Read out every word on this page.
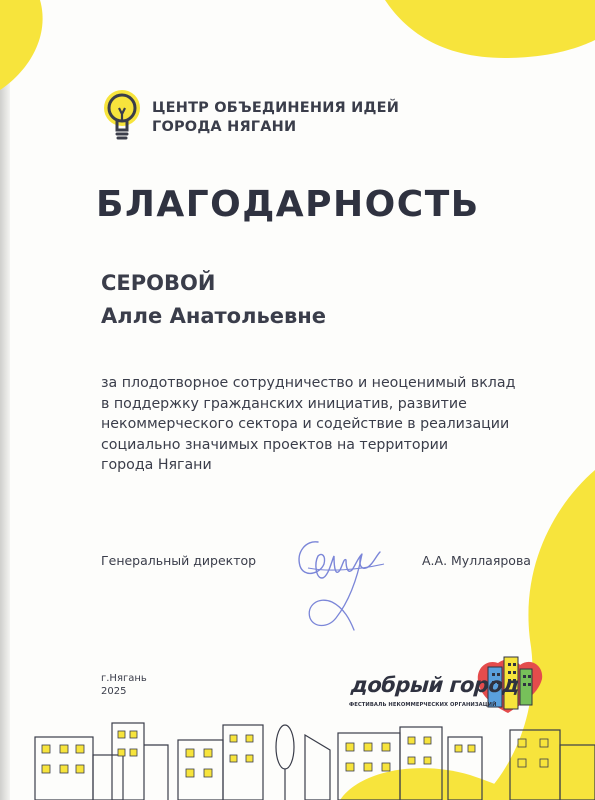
ЦЕНТР ОБЪЕДИНЕНИЯ ИДЕЙ
ГОРОДА НЯГАНИ
БЛАГОДАРНОСТЬ
СЕРОВОЙ
Алле Анатольевне
за плодотворное сотрудничество и неоценимый вклад
в поддержку гражданских инициатив, развитие
некоммерческого сектора и содействие в реализации
социально значимых проектов на территории
города Нягани
Генеральный директор	А.А. Муллаярова
г.Нягань
2025	добрый город
ФЕСТИВАЛЬ НЕКОММЕРЧЕСКИХ ОРГАНИЗАЦИЙ
